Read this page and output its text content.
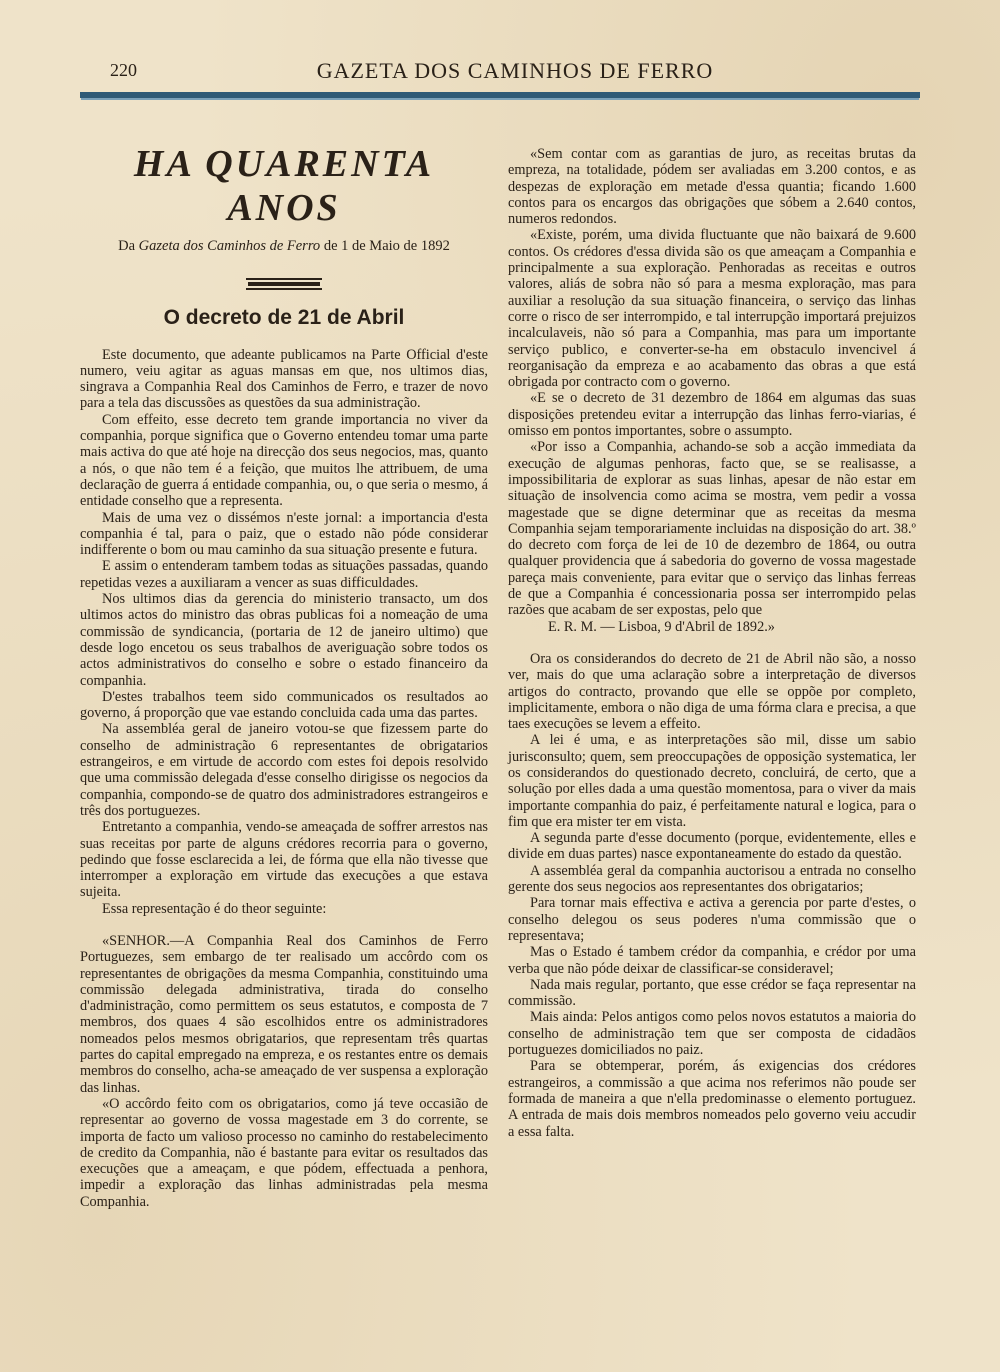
220	GAZETA DOS CAMINHOS DE FERRO
HA QUARENTA ANOS
Da Gazeta dos Caminhos de Ferro de 1 de Maio de 1892
O decreto de 21 de Abril

Este documento, que adeante publicamos na Parte Official d'este numero, veiu agitar as aguas mansas em que, nos ultimos dias, singrava a Companhia Real dos Caminhos de Ferro, e trazer de novo para a tela das discussões as questões da sua administração.

Com effeito, esse decreto tem grande importancia no viver da companhia, porque significa que o Governo entendeu tomar uma parte mais activa do que até hoje na direcção dos seus negocios, mas, quanto a nós, o que não tem é a feição, que muitos lhe attribuem, de uma declaração de guerra á entidade companhia, ou, o que seria o mesmo, á entidade conselho que a representa.

Mais de uma vez o dissémos n'este jornal: a importancia d'esta companhia é tal, para o paiz, que o estado não póde considerar indifferente o bom ou mau caminho da sua situação presente e futura.

E assim o entenderam tambem todas as situações passadas, quando repetidas vezes a auxiliaram a vencer as suas difficuldades.

Nos ultimos dias da gerencia do ministerio transacto, um dos ultimos actos do ministro das obras publicas foi a nomeação de uma commissão de syndicancia, (portaria de 12 de janeiro ultimo) que desde logo encetou os seus trabalhos de averiguação sobre todos os actos administrativos do conselho e sobre o estado financeiro da companhia.

D'estes trabalhos teem sido communicados os resultados ao governo, á proporção que vae estando concluida cada uma das partes.

Na assembléa geral de janeiro votou-se que fizessem parte do conselho de administração 6 representantes de obrigatarios estrangeiros, e em virtude de accordo com estes foi depois resolvido que uma commissão delegada d'esse conselho dirigisse os negocios da companhia, compondo-se de quatro dos administradores estrangeiros e três dos portuguezes.

Entretanto a companhia, vendo-se ameaçada de soffrer arrestos nas suas receitas por parte de alguns crédores recorria para o governo, pedindo que fosse esclarecida a lei, de fórma que ella não tivesse que interromper a exploração em virtude das execuções a que estava sujeita.

Essa representação é do theor seguinte:

«SENHOR.—A Companhia Real dos Caminhos de Ferro Portuguezes, sem embargo de ter realisado um accôrdo com os representantes de obrigações da mesma Companhia, constituindo uma commissão delegada administrativa, tirada do conselho d'administração, como permittem os seus estatutos, e composta de 7 membros, dos quaes 4 são escolhidos entre os administradores nomeados pelos mesmos obrigatarios, que representam três quartas partes do capital empregado na empreza, e os restantes entre os demais membros do conselho, acha-se ameaçado de ver suspensa a exploração das linhas.

«O accôrdo feito com os obrigatarios, como já teve occasião de representar ao governo de vossa magestade em 3 do corrente, se importa de facto um valioso processo no caminho do restabelecimento de credito da Companhia, não é bastante para evitar os resultados das execuções que a ameaçam, e que pódem, effectuada a penhora, impedir a exploração das linhas administradas pela mesma Companhia.

«Sem contar com as garantias de juro, as receitas brutas da empreza, na totalidade, pódem ser avaliadas em 3.200 contos, e as despezas de exploração em metade d'essa quantia; ficando 1.600 contos para os encargos das obrigações que sóbem a 2.640 contos, numeros redondos.

«Existe, porém, uma divida fluctuante que não baixará de 9.600 contos. Os crédores d'essa divida são os que ameaçam a Companhia e principalmente a sua exploração. Penhoradas as receitas e outros valores, aliás de sobra não só para a mesma exploração, mas para auxiliar a resolução da sua situação financeira, o serviço das linhas corre o risco de ser interrompido, e tal interrupção importará prejuizos incalculaveis, não só para a Companhia, mas para um importante serviço publico, e converter-se-ha em obstaculo invencivel á reorganisação da empreza e ao acabamento das obras a que está obrigada por contracto com o governo.

«E se o decreto de 31 dezembro de 1864 em algumas das suas disposições pretendeu evitar a interrupção das linhas ferro-viarias, é omisso em pontos importantes, sobre o assumpto.

«Por isso a Companhia, achando-se sob a acção immediata da execução de algumas penhoras, facto que, se se realisasse, a impossibilitaria de explorar as suas linhas, apesar de não estar em situação de insolvencia como acima se mostra, vem pedir a vossa magestade que se digne determinar que as receitas da mesma Companhia sejam temporariamente incluidas na disposição do art. 38.º do decreto com força de lei de 10 de dezembro de 1864, ou outra qualquer providencia que á sabedoria do governo de vossa magestade pareça mais conveniente, para evitar que o serviço das linhas ferreas de que a Companhia é concessionaria possa ser interrompido pelas razões que acabam de ser expostas, pelo que

E. R. M. — Lisboa, 9 d'Abril de 1892.»

Ora os considerandos do decreto de 21 de Abril não são, a nosso ver, mais do que uma aclaração sobre a interpretação de diversos artigos do contracto, provando que elle se oppõe por completo, implicitamente, embora o não diga de uma fórma clara e precisa, a que taes execuções se levem a effeito.

A lei é uma, e as interpretações são mil, disse um sabio jurisconsulto; quem, sem preoccupações de opposição systematica, ler os considerandos do questionado decreto, concluirá, de certo, que a solução por elles dada a uma questão momentosa, para o viver da mais importante companhia do paiz, é perfeitamente natural e logica, para o fim que era mister ter em vista.

A segunda parte d'esse documento (porque, evidentemente, elles e divide em duas partes) nasce expontaneamente do estado da questão.

A assembléa geral da companhia auctorisou a entrada no conselho gerente dos seus negocios aos representantes dos obrigatarios;

Para tornar mais effectiva e activa a gerencia por parte d'estes, o conselho delegou os seus poderes n'uma commissão que o representava;

Mas o Estado é tambem crédor da companhia, e crédor por uma verba que não póde deixar de classificar-se consideravel;

Nada mais regular, portanto, que esse crédor se faça representar na commissão.

Mais ainda: Pelos antigos como pelos novos estatutos a maioria do conselho de administração tem que ser composta de cidadãos portuguezes domiciliados no paiz.

Para se obtemperar, porém, ás exigencias dos crédores estrangeiros, a commissão a que acima nos referimos não poude ser formada de maneira a que n'ella predominasse o elemento portuguez. A entrada de mais dois membros nomeados pelo governo veiu accudir a essa falta.
